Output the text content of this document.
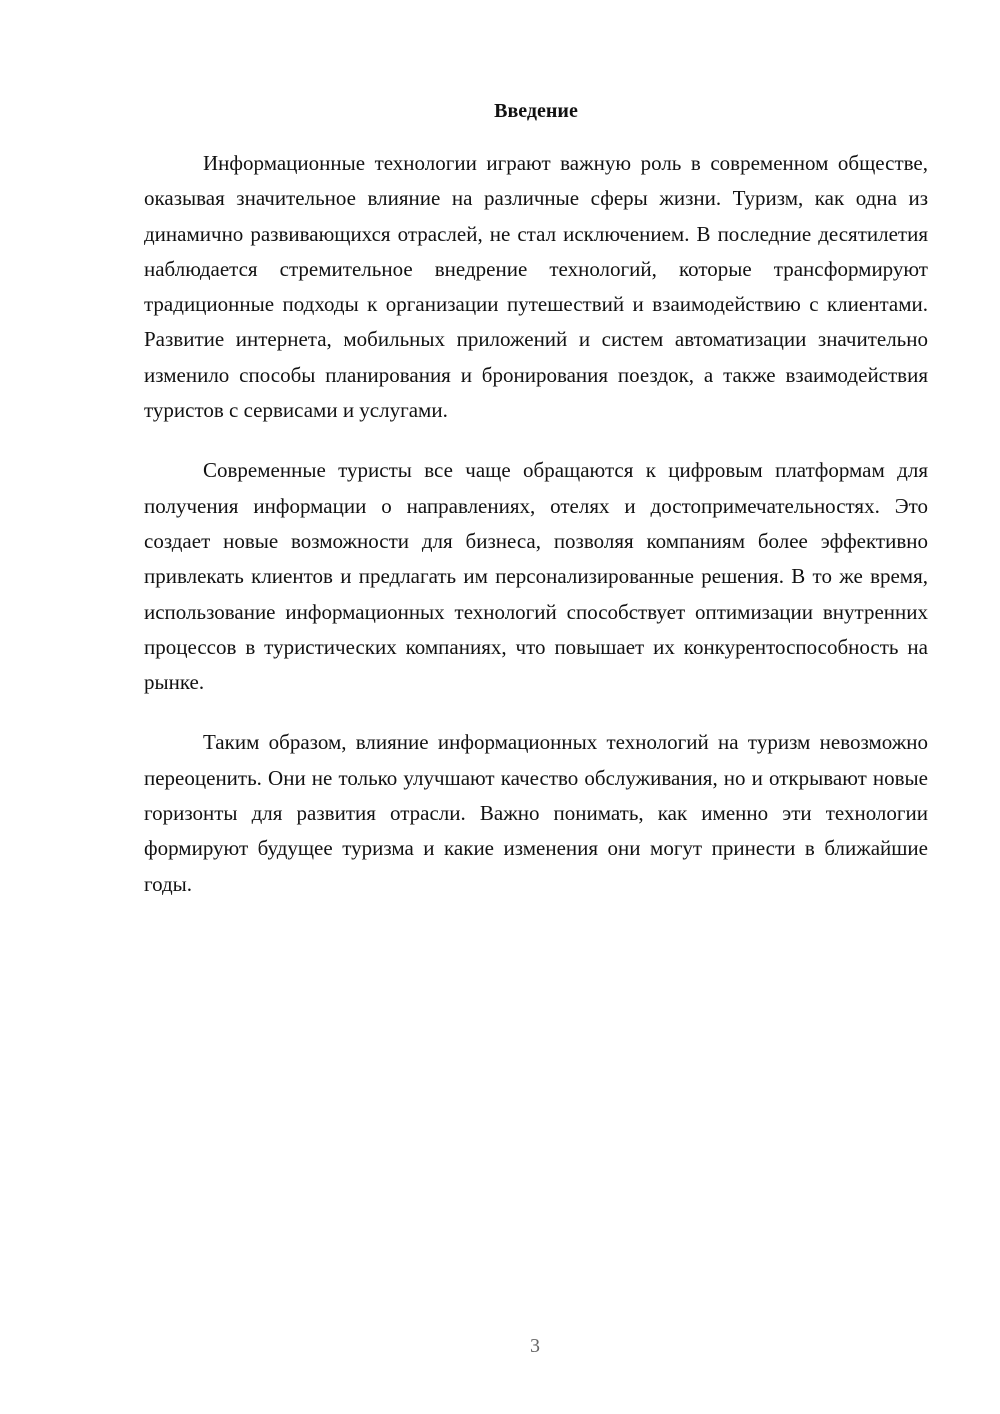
Введение

Информационные технологии играют важную роль в современном обществе, оказывая значительное влияние на различные сферы жизни. Туризм, как одна из динамично развивающихся отраслей, не стал исключением. В последние десятилетия наблюдается стремительное внедрение технологий, которые трансформируют традиционные подходы к организации путешествий и взаимодействию с клиентами. Развитие интернета, мобильных приложений и систем автоматизации значительно изменило способы планирования и бронирования поездок, а также взаимодействия туристов с сервисами и услугами.

Современные туристы все чаще обращаются к цифровым платформам для получения информации о направлениях, отелях и достопримечательностях. Это создает новые возможности для бизнеса, позволяя компаниям более эффективно привлекать клиентов и предлагать им персонализированные решения. В то же время, использование информационных технологий способствует оптимизации внутренних процессов в туристических компаниях, что повышает их конкурентоспособность на рынке.

Таким образом, влияние информационных технологий на туризм невозможно переоценить. Они не только улучшают качество обслуживания, но и открывают новые горизонты для развития отрасли. Важно понимать, как именно эти технологии формируют будущее туризма и какие изменения они могут принести в ближайшие годы.

3
